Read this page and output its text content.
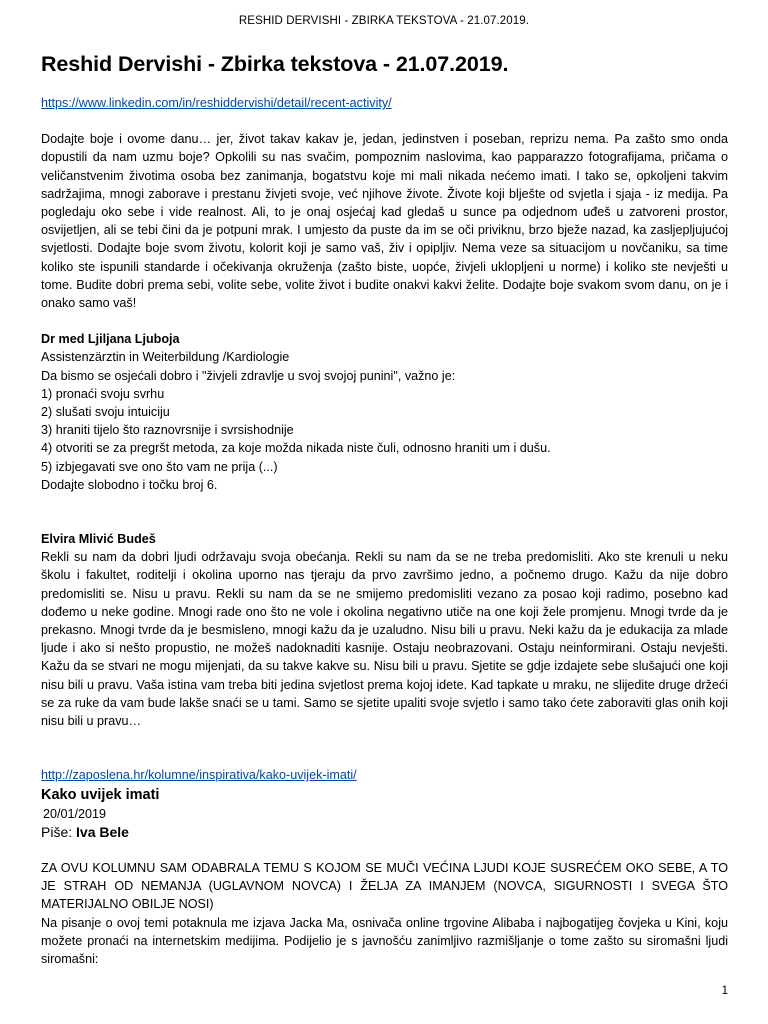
RESHID DERVISHI - ZBIRKA TEKSTOVA - 21.07.2019.
Reshid Dervishi - Zbirka tekstova - 21.07.2019.

https://www.linkedin.com/in/reshiddervishi/detail/recent-activity/

Dodajte boje i ovome danu… jer, život takav kakav je, jedan, jedinstven i poseban, reprizu nema. Pa zašto smo onda dopustili da nam uzmu boje? Opkolili su nas svačim, pompoznim naslovima, kao papparazzo fotografijama, pričama o veličanstvenim životima osoba bez zanimanja, bogatstvu koje mi mali nikada nećemo imati. I tako se, opkoljeni takvim sadržajima, mnogi zaborave i prestanu živjeti svoje, već njihove živote. Živote koji blješte od svjetla i sjaja - iz medija. Pa pogledaju oko sebe i vide realnost. Ali, to je onaj osjećaj kad gledaš u sunce pa odjednom uđeš u zatvoreni prostor, osvijetljen, ali se tebi čini da je potpuni mrak. I umjesto da puste da im se oči priviknu, brzo bježe nazad, ka zasljepljujućoj svjetlosti. Dodajte boje svom životu, kolorit koji je samo vaš, živ i opipljiv. Nema veze sa situacijom u novčaniku, sa time koliko ste ispunili standarde i očekivanja okruženja (zašto biste, uopće, živjeli ukloplјeni u norme) i koliko ste nevješti u tome. Budite dobri prema sebi, volite sebe, volite život i budite onakvi kakvi želite. Dodajte boje svakom svom danu, on je i onako samo vaš!

Dr med Ljiljana Ljuboja

Assistenzärztin in Weiterbildung /Kardiologie

Da bismo se osjećali dobro i "živjeli zdravlje u svoj svojoj punini", važno je:

1) pronaći svoju svrhu

2) slušati svoju intuiciju

3) hraniti tijelo što raznovrsnije i svrsishodnije

4) otvoriti se za pregršt metoda, za koje možda nikada niste čuli, odnosno hraniti um i dušu.

5) izbjegavati sve ono što vam ne prija (...)

Dodajte slobodno i točku broj 6.

Elvira Mlivić Budeš

Rekli su nam da dobri ljudi održavaju svoja obećanja. Rekli su nam da se ne treba predomisliti. Ako ste krenuli u neku školu i fakultet, roditelji i okolina uporno nas tjeraju da prvo završimo jedno, a počnemo drugo. Kažu da nije dobro predomisliti se. Nisu u pravu. Rekli su nam da se ne smijemo predomisliti vezano za posao koji radimo, posebno kad dođemo u neke godine. Mnogi rade ono što ne vole i okolina negativno utiče na one koji žele promjenu. Mnogi tvrde da je prekasno. Mnogi tvrde da je besmisleno, mnogi kažu da je uzaludno. Nisu bili u pravu. Neki kažu da je edukacija za mlade ljude i ako si nešto propustio, ne možeš nadoknaditi kasnije. Ostaju neobrazovani. Ostaju neinformirani. Ostaju nevješti. Kažu da se stvari ne mogu mijenjati, da su takve kakve su. Nisu bili u pravu. Sjetite se gdje izdajete sebe slušajući one koji nisu bili u pravu. Vaša istina vam treba biti jedina svjetlost prema kojoj idete. Kad tapkate u mraku, ne slijedite druge držeći se za ruke da vam bude lakše snaći se u tami. Samo se sjetite upaliti svoje svjetlo i samo tako ćete zaboraviti glas onih koji nisu bili u pravu…

http://zaposlena.hr/kolumne/inspirativa/kako-uvijek-imati/

Kako uvijek imati

20/01/2019

Piše: Iva Bele

ZA OVU KOLUMNU SAM ODABRALA TEMU S KOJOM SE MUČI VEĆINA LJUDI KOJE SUSREĆEM OKO SEBE, A TO JE STRAH OD NEMANJA (UGLAVNOM NOVCA) I ŽELJA ZA IMANJEM (NOVCA, SIGURNOSTI I SVEGA ŠTO MATERIJALNO OBILJE NOSI)

Na pisanje o ovoj temi potaknula me izjava Jacka Ma, osnivača online trgovine Alibaba i najbogatijeg čovjeka u Kini, koju možete pronaći na internetskim medijima. Podijelio je s javnošću zanimljivo razmišljanje o tome zašto su siromašni ljudi siromašni:

1
